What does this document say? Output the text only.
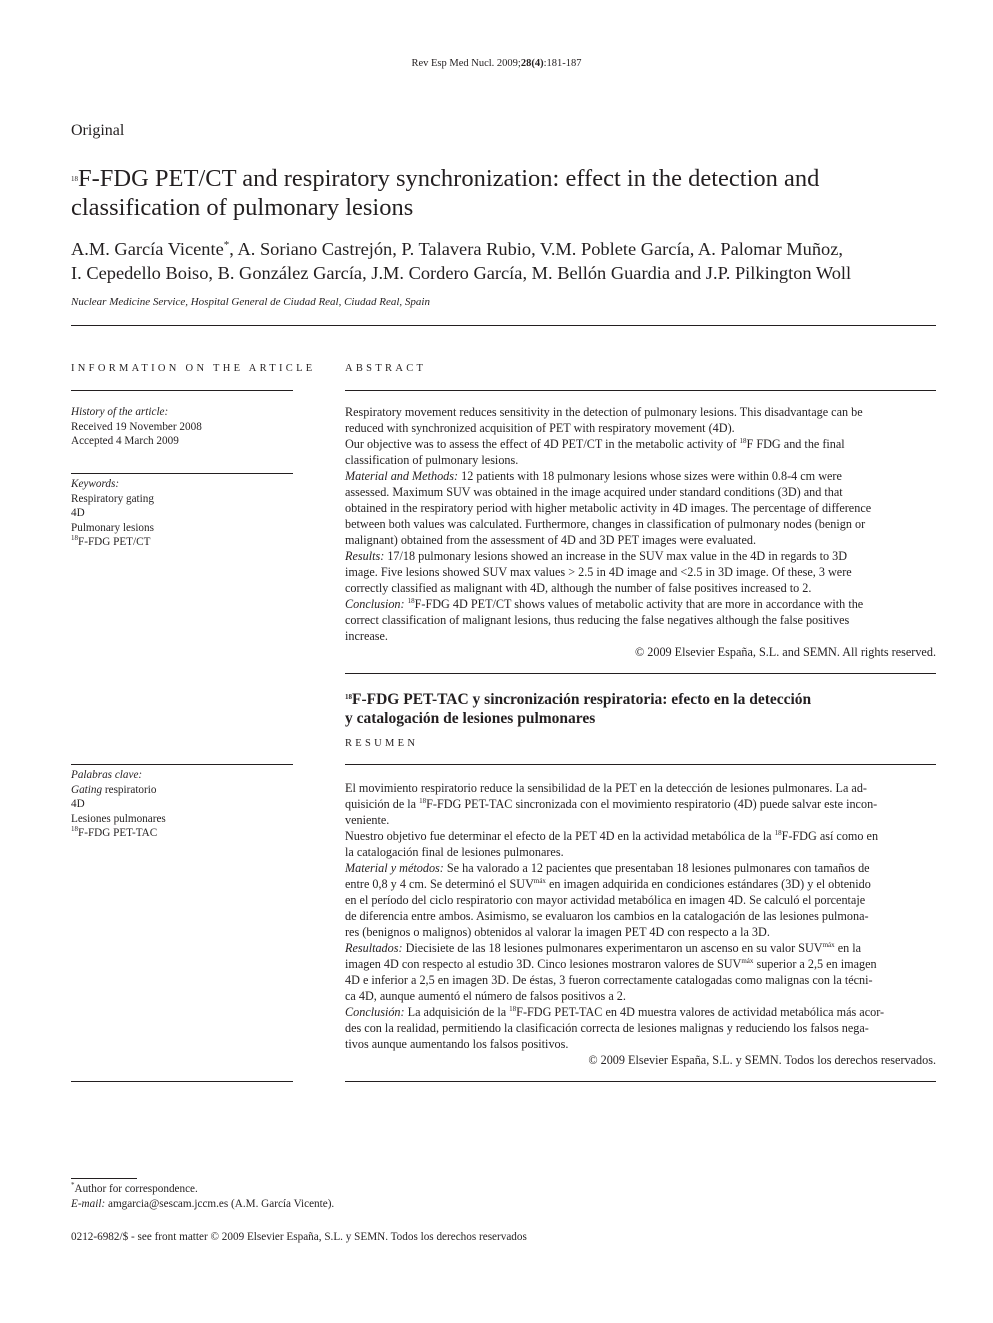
Rev Esp Med Nucl. 2009;28(4):181-187
Original
$^{18}$F-FDG PET/CT and respiratory synchronization: effect in the detection and
classification of pulmonary lesions
A.M. García Vicente*, A. Soriano Castrejón, P. Talavera Rubio, V.M. Poblete García, A. Palomar Muñoz,
I. Cepedello Boiso, B. González García, J.M. Cordero García, M. Bellón Guardia and J.P. Pilkington Woll
Nuclear Medicine Service, Hospital General de Ciudad Real, Ciudad Real, Spain
INFORMATION ON THE ARTICLE
History of the article:
Received 19 November 2008
Accepted 4 March 2009
Keywords:
Respiratory gating
4D
Pulmonary lesions
$^{18}$F-FDG PET/CT
Palabras clave:
Gating respiratorio
4D
Lesiones pulmonares
$^{18}$F-FDG PET-TAC
ABSTRACT

Respiratory movement reduces sensitivity in the detection of pulmonary lesions. This disadvantage can be

reduced with synchronized acquisition of PET with respiratory movement (4D).

Our objective was to assess the effect of 4D PET/CT in the metabolic activity of $^{18}$F FDG and the final

classification of pulmonary lesions.

Material and Methods: 12 patients with 18 pulmonary lesions whose sizes were within 0.8-4 cm were

assessed. Maximum SUV was obtained in the image acquired under standard conditions (3D) and that

obtained in the respiratory period with higher metabolic activity in 4D images. The percentage of difference

between both values was calculated. Furthermore, changes in classification of pulmonary nodes (benign or

malignant) obtained from the assessment of 4D and 3D PET images were evaluated.

Results: 17/18 pulmonary lesions showed an increase in the SUV max value in the 4D in regards to 3D

image. Five lesions showed SUV max values > 2.5 in 4D image and <2.5 in 3D image. Of these, 3 were

correctly classified as malignant with 4D, although the number of false positives increased to 2.

Conclusion: $^{18}$F-FDG 4D PET/CT shows values of metabolic activity that are more in accordance with the

correct classification of malignant lesions, thus reducing the false negatives although the false positives

increase.

© 2009 Elsevier España, S.L. and SEMN. All rights reserved.

$^{18}$F-FDG PET-TAC y sincronización respiratoria: efecto en la detección
y catalogación de lesiones pulmonares
RESUMEN

El movimiento respiratorio reduce la sensibilidad de la PET en la detección de lesiones pulmonares. La ad-

quisición de la $^{18}$F-FDG PET-TAC sincronizada con el movimiento respiratorio (4D) puede salvar este incon-

veniente.

Nuestro objetivo fue determinar el efecto de la PET 4D en la actividad metabólica de la $^{18}$F-FDG así como en

la catalogación final de lesiones pulmonares.

Material y métodos: Se ha valorado a 12 pacientes que presentaban 18 lesiones pulmonares con tamaños de

entre 0,8 y 4 cm. Se determinó el $SUV^{máx}$ en imagen adquirida en condiciones estándares (3D) y el obtenido

en el período del ciclo respiratorio con mayor actividad metabólica en imagen 4D. Se calculó el porcentaje

de diferencia entre ambos. Asimismo, se evaluaron los cambios en la catalogación de las lesiones pulmona-

res (benignos o malignos) obtenidos al valorar la imagen PET 4D con respecto a la 3D.

Resultados: Diecisiete de las 18 lesiones pulmonares experimentaron un ascenso en su valor $SUV^{máx}$ en la

imagen 4D con respecto al estudio 3D. Cinco lesiones mostraron valores de $SUV^{máx}$ superior a 2,5 en imagen

4D e inferior a 2,5 en imagen 3D. De éstas, 3 fueron correctamente catalogadas como malignas con la técni-

ca 4D, aunque aumentó el número de falsos positivos a 2.

Conclusión: La adquisición de la $^{18}$F-FDG PET-TAC en 4D muestra valores de actividad metabólica más acor-

des con la realidad, permitiendo la clasificación correcta de lesiones malignas y reduciendo los falsos nega-

tivos aunque aumentando los falsos positivos.

© 2009 Elsevier España, S.L. y SEMN. Todos los derechos reservados.

*Author for correspondence.
E-mail: amgarcia@sescam.jccm.es (A.M. García Vicente).
0212-6982/$ - see front matter © 2009 Elsevier España, S.L. y SEMN. Todos los derechos reservados
